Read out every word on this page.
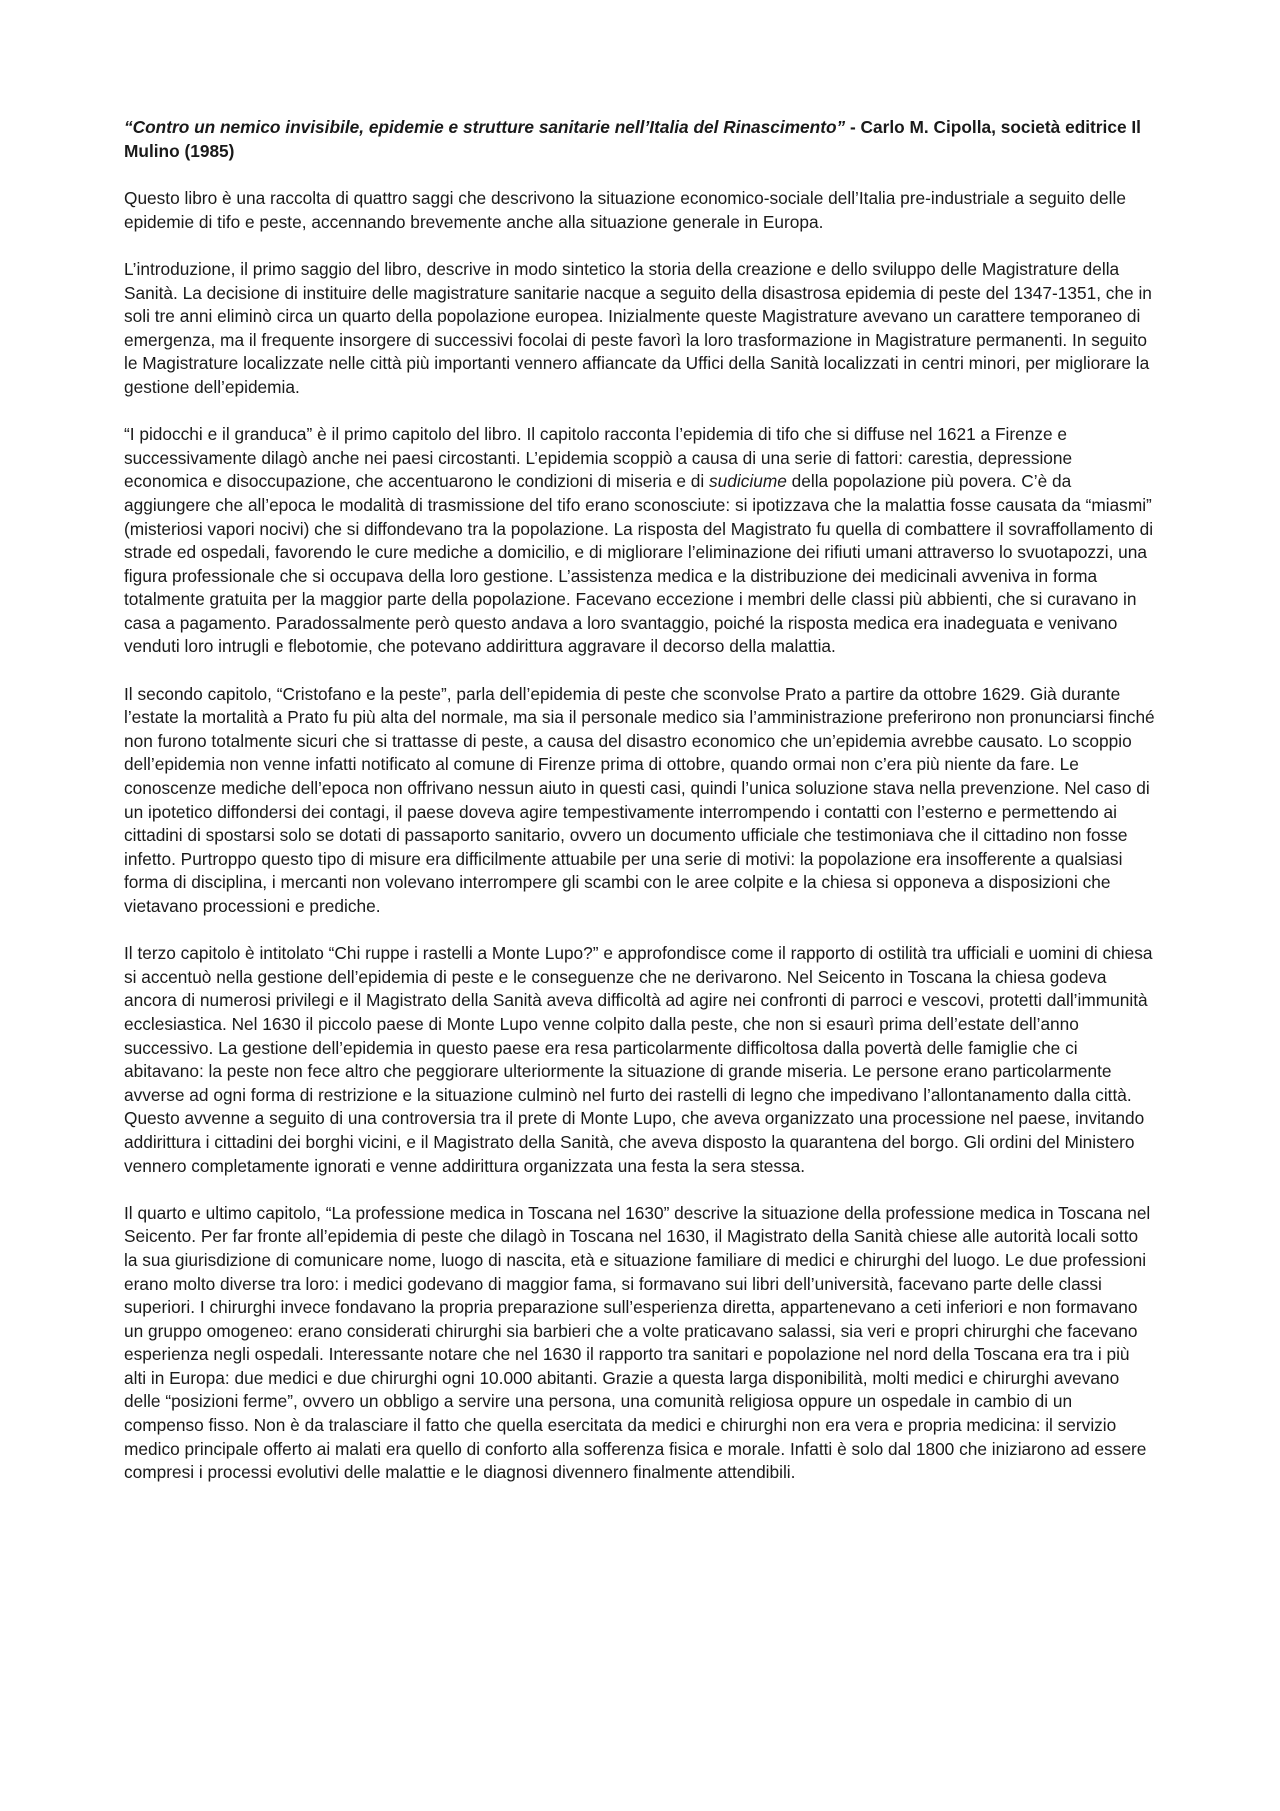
“Contro un nemico invisibile, epidemie e strutture sanitarie nell’Italia del Rinascimento” - Carlo M. Cipolla, società editrice Il Mulino (1985)

Questo libro è una raccolta di quattro saggi che descrivono la situazione economico-sociale dell’Italia pre-industriale a seguito delle epidemie di tifo e peste, accennando brevemente anche alla situazione generale in Europa.

L’introduzione, il primo saggio del libro, descrive in modo sintetico la storia della creazione e dello sviluppo delle Magistrature della Sanità. La decisione di instituire delle magistrature sanitarie nacque a seguito della disastrosa epidemia di peste del 1347-1351, che in soli tre anni eliminò circa un quarto della popolazione europea. Inizialmente queste Magistrature avevano un carattere temporaneo di emergenza, ma il frequente insorgere di successivi focolai di peste favorì la loro trasformazione in Magistrature permanenti. In seguito le Magistrature localizzate nelle città più importanti vennero affiancate da Uffici della Sanità localizzati in centri minori, per migliorare la gestione dell’epidemia.

“I pidocchi e il granduca” è il primo capitolo del libro. Il capitolo racconta l’epidemia di tifo che si diffuse nel 1621 a Firenze e successivamente dilagò anche nei paesi circostanti. L’epidemia scoppiò a causa di una serie di fattori: carestia, depressione economica e disoccupazione, che accentuarono le condizioni di miseria e di sudiciume della popolazione più povera. C’è da aggiungere che all’epoca le modalità di trasmissione del tifo erano sconosciute: si ipotizzava che la malattia fosse causata da “miasmi” (misteriosi vapori nocivi) che si diffondevano tra la popolazione. La risposta del Magistrato fu quella di combattere il sovraffollamento di strade ed ospedali, favorendo le cure mediche a domicilio, e di migliorare l’eliminazione dei rifiuti umani attraverso lo svuotapozzi, una figura professionale che si occupava della loro gestione. L’assistenza medica e la distribuzione dei medicinali avveniva in forma totalmente gratuita per la maggior parte della popolazione. Facevano eccezione i membri delle classi più abbienti, che si curavano in casa a pagamento. Paradossalmente però questo andava a loro svantaggio, poiché la risposta medica era inadeguata e venivano venduti loro intrugli e flebotomie, che potevano addirittura aggravare il decorso della malattia.

Il secondo capitolo, “Cristofano e la peste”, parla dell’epidemia di peste che sconvolse Prato a partire da ottobre 1629. Già durante l’estate la mortalità a Prato fu più alta del normale, ma sia il personale medico sia l’amministrazione preferirono non pronunciarsi finché non furono totalmente sicuri che si trattasse di peste, a causa del disastro economico che un’epidemia avrebbe causato. Lo scoppio dell’epidemia non venne infatti notificato al comune di Firenze prima di ottobre, quando ormai non c’era più niente da fare. Le conoscenze mediche dell’epoca non offrivano nessun aiuto in questi casi, quindi l’unica soluzione stava nella prevenzione. Nel caso di un ipotetico diffondersi dei contagi, il paese doveva agire tempestivamente interrompendo i contatti con l’esterno e permettendo ai cittadini di spostarsi solo se dotati di passaporto sanitario, ovvero un documento ufficiale che testimoniava che il cittadino non fosse infetto. Purtroppo questo tipo di misure era difficilmente attuabile per una serie di motivi: la popolazione era insofferente a qualsiasi forma di disciplina, i mercanti non volevano interrompere gli scambi con le aree colpite e la chiesa si opponeva a disposizioni che vietavano processioni e prediche.

Il terzo capitolo è intitolato “Chi ruppe i rastelli a Monte Lupo?” e approfondisce come il rapporto di ostilità tra ufficiali e uomini di chiesa si accentuò nella gestione dell’epidemia di peste e le conseguenze che ne derivarono. Nel Seicento in Toscana la chiesa godeva ancora di numerosi privilegi e il Magistrato della Sanità aveva difficoltà ad agire nei confronti di parroci e vescovi, protetti dall’immunità ecclesiastica. Nel 1630 il piccolo paese di Monte Lupo venne colpito dalla peste, che non si esaurì prima dell’estate dell’anno successivo. La gestione dell’epidemia in questo paese era resa particolarmente difficoltosa dalla povertà delle famiglie che ci abitavano: la peste non fece altro che peggiorare ulteriormente la situazione di grande miseria. Le persone erano particolarmente avverse ad ogni forma di restrizione e la situazione culminò nel furto dei rastelli di legno che impedivano l’allontanamento dalla città. Questo avvenne a seguito di una controversia tra il prete di Monte Lupo, che aveva organizzato una processione nel paese, invitando addirittura i cittadini dei borghi vicini, e il Magistrato della Sanità, che aveva disposto la quarantena del borgo. Gli ordini del Ministero vennero completamente ignorati e venne addirittura organizzata una festa la sera stessa.

Il quarto e ultimo capitolo, “La professione medica in Toscana nel 1630” descrive la situazione della professione medica in Toscana nel Seicento. Per far fronte all’epidemia di peste che dilagò in Toscana nel 1630, il Magistrato della Sanità chiese alle autorità locali sotto la sua giurisdizione di comunicare nome, luogo di nascita, età e situazione familiare di medici e chirurghi del luogo. Le due professioni erano molto diverse tra loro: i medici godevano di maggior fama, si formavano sui libri dell’università, facevano parte delle classi superiori. I chirurghi invece fondavano la propria preparazione sull’esperienza diretta, appartenevano a ceti inferiori e non formavano un gruppo omogeneo: erano considerati chirurghi sia barbieri che a volte praticavano salassi, sia veri e propri chirurghi che facevano esperienza negli ospedali. Interessante notare che nel 1630 il rapporto tra sanitari e popolazione nel nord della Toscana era tra i più alti in Europa: due medici e due chirurghi ogni 10.000 abitanti. Grazie a questa larga disponibilità, molti medici e chirurghi avevano delle “posizioni ferme”, ovvero un obbligo a servire una persona, una comunità religiosa oppure un ospedale in cambio di un compenso fisso. Non è da tralasciare il fatto che quella esercitata da medici e chirurghi non era vera e propria medicina: il servizio medico principale offerto ai malati era quello di conforto alla sofferenza fisica e morale. Infatti è solo dal 1800 che iniziarono ad essere compresi i processi evolutivi delle malattie e le diagnosi divennero finalmente attendibili.
